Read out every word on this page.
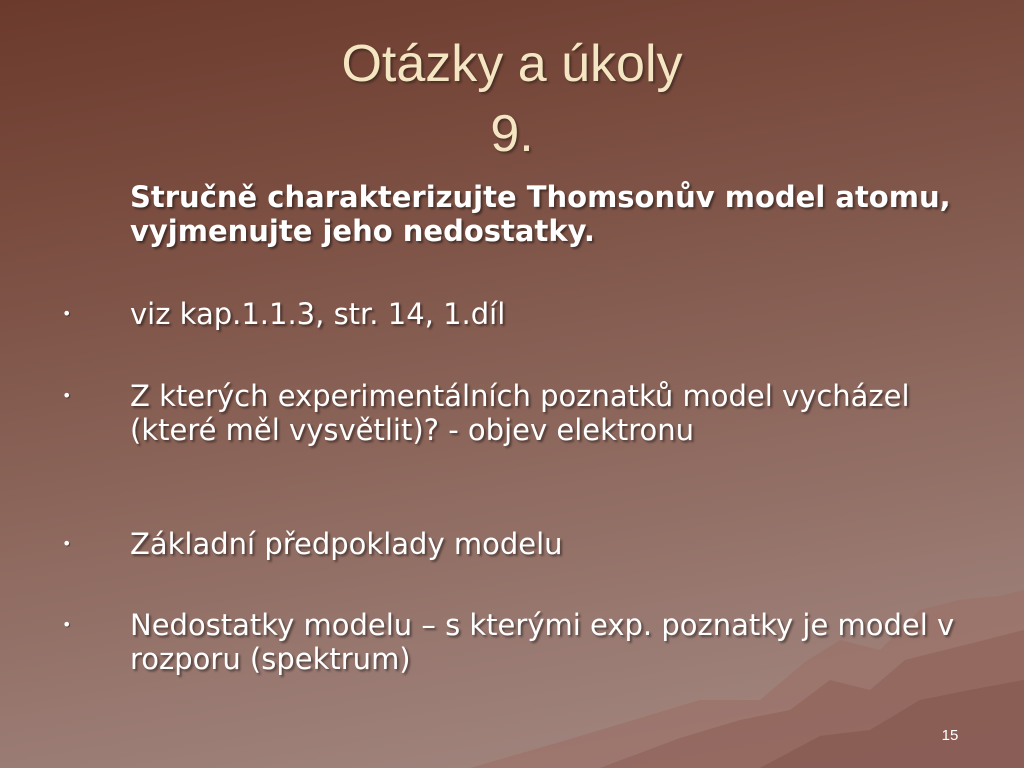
Otázky a úkoly
9.
Stručně charakterizujte Thomsonův model atomu, vyjmenujte jeho nedostatky.
• viz kap.1.1.3, str. 14, 1.díl
• Z kterých experimentálních poznatků model vycházel (které měl vysvětlit)? - objev elektronu
• Základní předpoklady modelu
• Nedostatky modelu – s kterými exp. poznatky je model v rozporu (spektrum)
15
